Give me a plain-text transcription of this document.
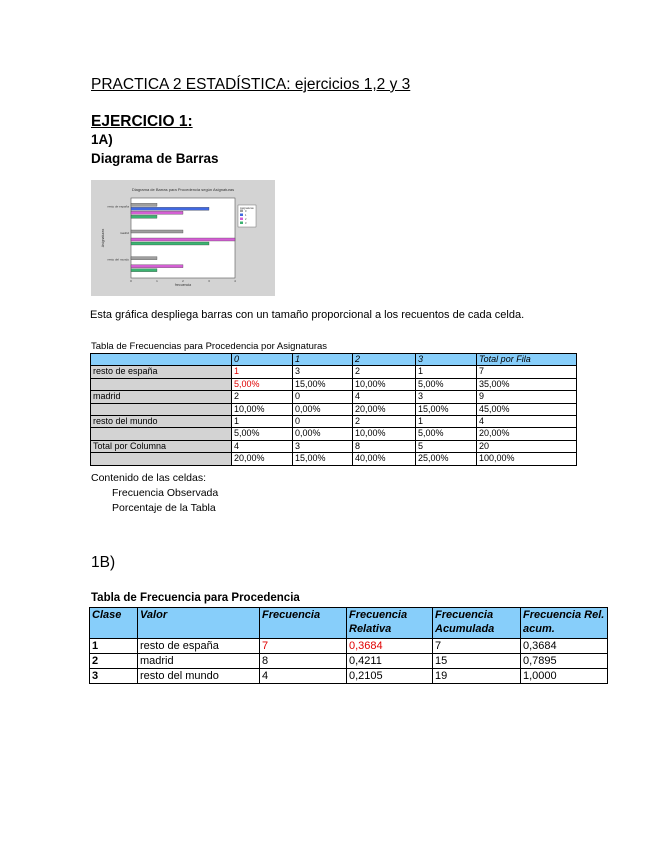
PRACTICA 2 ESTADÍSTICA: ejercicios 1,2 y 3
EJERCICIO 1:
1A)
Diagrama de Barras
Diagrama de Barras para Procedencia según Asignaturas
resto de españa
madrid
resto del mundo
0	1	2	3	4
frecuencia
Asignaturas
Asignaturas
0
1
2
3
Esta gráfica despliega barras con un tamaño proporcional a los recuentos de cada celda.
Tabla de Frecuencias para Procedencia por Asignaturas
	0	1	2	3	Total por Fila
resto de españa	1	3	2	1	7
	5,00%	15,00%	10,00%	5,00%	35,00%
madrid	2	0	4	3	9
	10,00%	0,00%	20,00%	15,00%	45,00%
resto del mundo	1	0	2	1	4
	5,00%	0,00%	10,00%	5,00%	20,00%
Total por Columna	4	3	8	5	20
	20,00%	15,00%	40,00%	25,00%	100,00%
Contenido de las celdas:
Frecuencia Observada
Porcentaje de la Tabla
1B)
Tabla de Frecuencia para Procedencia
Clase	Valor	Frecuencia	Frecuencia Relativa	Frecuencia Acumulada	Frecuencia Rel. acum.
1	resto de españa	7	0,3684	7	0,3684
2	madrid	8	0,4211	15	0,7895
3	resto del mundo	4	0,2105	19	1,0000
